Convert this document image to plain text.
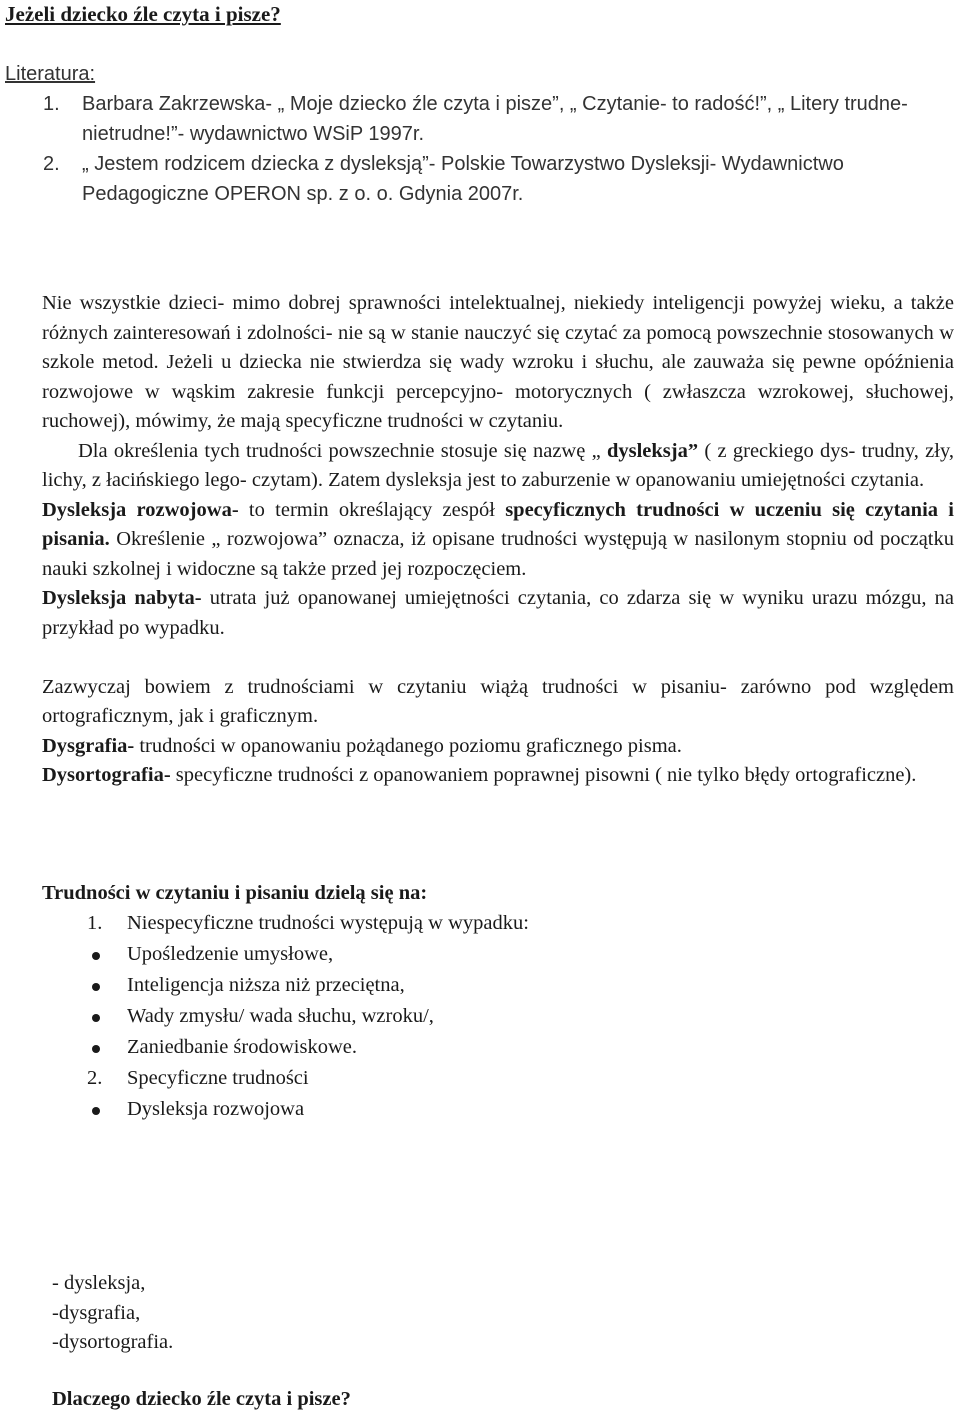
Jeżeli dziecko źle czyta i pisze?
Literatura:
1.	Barbara Zakrzewska- „ Moje dziecko źle czyta i pisze”, „ Czytanie- to radość!”, „ Litery trudne- nietrudne!”- wydawnictwo WSiP 1997r.
2.	„ Jestem rodzicem dziecka z dysleksją”- Polskie Towarzystwo Dysleksji- Wydawnictwo Pedagogiczne OPERON sp. z o. o. Gdynia 2007r.

Nie wszystkie dzieci- mimo dobrej sprawności intelektualnej, niekiedy inteligencji powyżej wieku, a także różnych zainteresowań i zdolności- nie są w stanie nauczyć się czytać za pomocą powszechnie stosowanych w szkole metod. Jeżeli u dziecka nie stwierdza się wady wzroku i słuchu, ale zauważa się pewne opóźnienia rozwojowe w wąskim zakresie funkcji percepcyjno- motorycznych ( zwłaszcza wzrokowej, słuchowej, ruchowej), mówimy, że mają specyficzne trudności w czytaniu.

Dla określenia tych trudności powszechnie stosuje się nazwę „ dysleksja” ( z greckiego dys- trudny, zły, lichy, z łacińskiego lego- czytam). Zatem dysleksja jest to zaburzenie w opanowaniu umiejętności czytania.

Dysleksja rozwojowa- to termin określający zespół specyficznych trudności w uczeniu się czytania i pisania. Określenie „ rozwojowa” oznacza, iż opisane trudności występują w nasilonym stopniu od początku nauki szkolnej i widoczne są także przed jej rozpoczęciem.

Dysleksja nabyta- utrata już opanowanej umiejętności czytania, co zdarza się w wyniku urazu mózgu, na przykład po wypadku.

Zazwyczaj bowiem z trudnościami w czytaniu wiążą trudności w pisaniu- zarówno pod względem ortograficznym, jak i graficznym.

Dysgrafia- trudności w opanowaniu pożądanego poziomu graficznego pisma.

Dysortografia- specyficzne trudności z opanowaniem poprawnej pisowni ( nie tylko błędy ortograficzne).

Trudności w czytaniu i pisaniu dzielą się na:

1.	Niespecyficzne trudności występują w wypadku:
Upośledzenie umysłowe,
Inteligencja niższa niż przeciętna,
Wady zmysłu/ wada słuchu, wzroku/,
Zaniedbanie środowiskowe.
2.	Specyficzne trudności
Dysleksja rozwojowa
- dysleksja,
-dysgrafia,
-dysortografia.
Dlaczego dziecko źle czyta i pisze?
